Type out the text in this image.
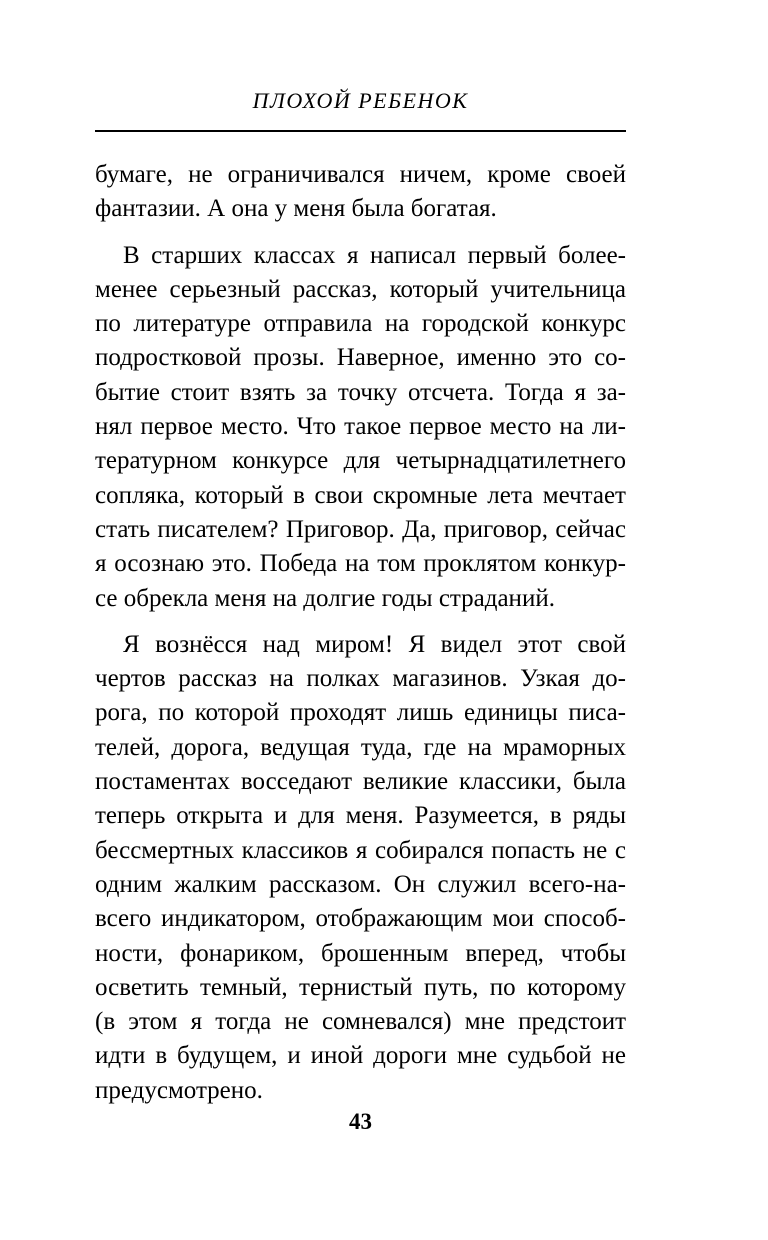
ПЛОХОЙ РЕБЕНОК

бумаге, не ограничивался ничем, кроме своей
фантазии. А она у меня была богатая.

В старших классах я написал первый более-
менее серьезный рассказ, который учительница
по литературе отправила на городской конкурс
подростковой прозы. Наверное, именно это со-
бытие стоит взять за точку отсчета. Тогда я за-
нял первое место. Что такое первое место на ли-
тературном конкурсе для четырнадцатилетнего
сопляка, который в свои скромные лета мечтает
стать писателем? Приговор. Да, приговор, сейчас
я осознаю это. Победа на том проклятом конкур-
се обрекла меня на долгие годы страданий.

Я вознёсся над миром! Я видел этот свой
чертов рассказ на полках магазинов. Узкая до-
рога, по которой проходят лишь единицы писа-
телей, дорога, ведущая туда, где на мраморных
постаментах восседают великие классики, была
теперь открыта и для меня. Разумеется, в ряды
бессмертных классиков я собирался попасть не с
одним жалким рассказом. Он служил всего-на-
всего индикатором, отображающим мои способ-
ности, фонариком, брошенным вперед, чтобы
осветить темный, тернистый путь, по которому
(в этом я тогда не сомневался) мне предстоит
идти в будущем, и иной дороги мне судьбой не
предусмотрено.

43
